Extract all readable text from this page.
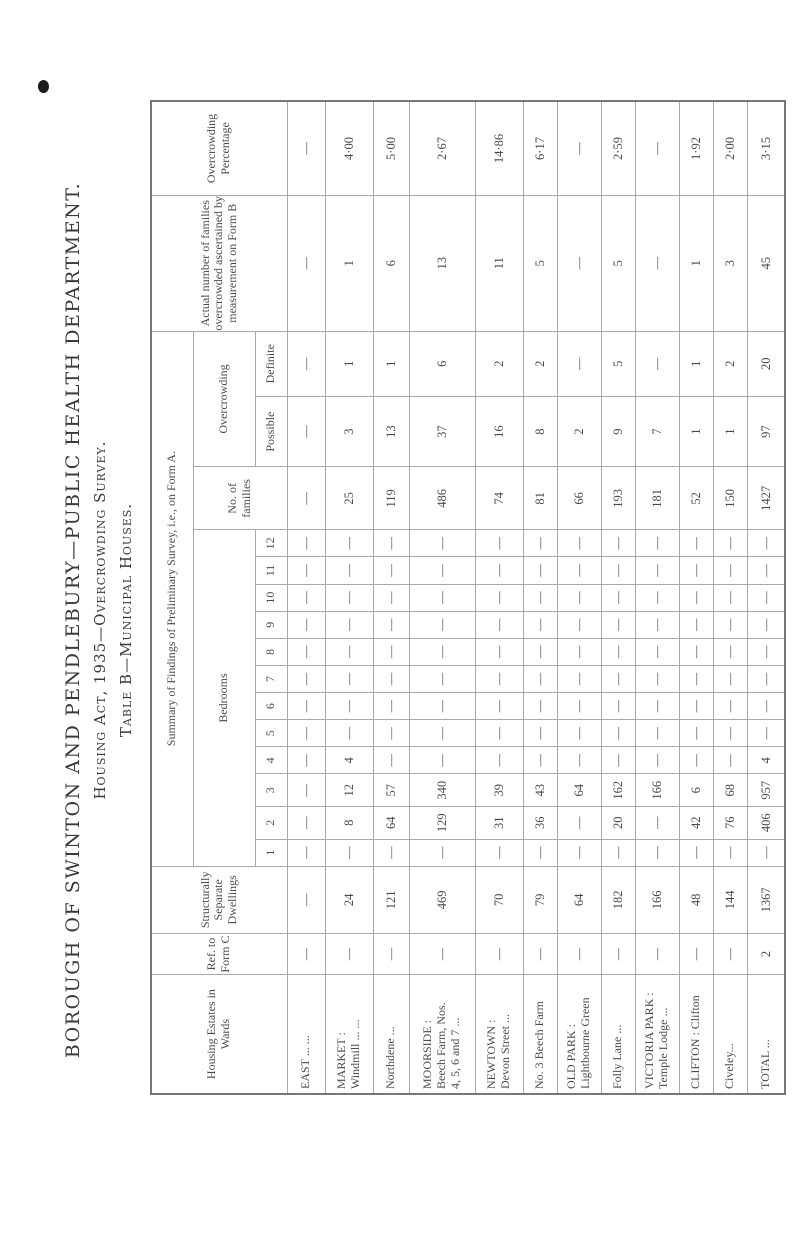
BOROUGH OF SWINTON AND PENDLEBURY—PUBLIC HEALTH DEPARTMENT. Housing Act, 1935—Overcrowding Survey. Table B—Municipal Houses.
Housing Estates in Wards	Ref. to Form C	Structurally Separate Dwellings	Summary of Findings of Preliminary Survey, i.e., on Form A.															Actual number of families overcrowded ascertained by measurement on Form B	Overcrowding Percentage
			Bedrooms												No. of families	Overcrowding			
			1	2	3	4	5	6	7	8	9	10	11	12		Possible	Definite		

EAST ... ...	—	—	—	—	—	—	—	—	—	—	—	—	—	—	—	—	—	—	—

MARKET : Windmill ... ...	—	24	—	8	12	4	—	—	—	—	—	—	—	—	25	3	1	1	4·00

Northdene ...	—	121	—	64	57	—	—	—	—	—	—	—	—	—	119	13	1	6	5·00

MOORSIDE : Beech Farm, Nos. 4, 5, 6 and 7 ...	—	469	—	129	340	—	—	—	—	—	—	—	—	—	486	37	6	13	2·67

NEWTOWN : Devon Street ...	—	70	—	31	39	—	—	—	—	—	—	—	—	—	74	16	2	11	14·86

No. 3 Beech Farm	—	79	—	36	43	—	—	—	—	—	—	—	—	—	81	8	2	5	6·17

OLD PARK : Lightbourne Green	—	64	—	—	64	—	—	—	—	—	—	—	—	—	66	2	—	—	—

Folly Lane ...	—	182	—	20	162	—	—	—	—	—	—	—	—	—	193	9	5	5	2·59

VICTORIA PARK : Temple Lodge ...	—	166	—	—	166	—	—	—	—	—	—	—	—	—	181	7	—	—	—

CLIFTON : Clifton	—	48	—	42	6	—	—	—	—	—	—	—	—	—	52	1	1	1	1·92

Civeley...	—	144	—	76	68	—	—	—	—	—	—	—	—	—	150	1	2	3	2·00

TOTAL ...	2	1367	—	406	957	4	—	—	—	—	—	—	—	—	1427	97	20	45	3·15
